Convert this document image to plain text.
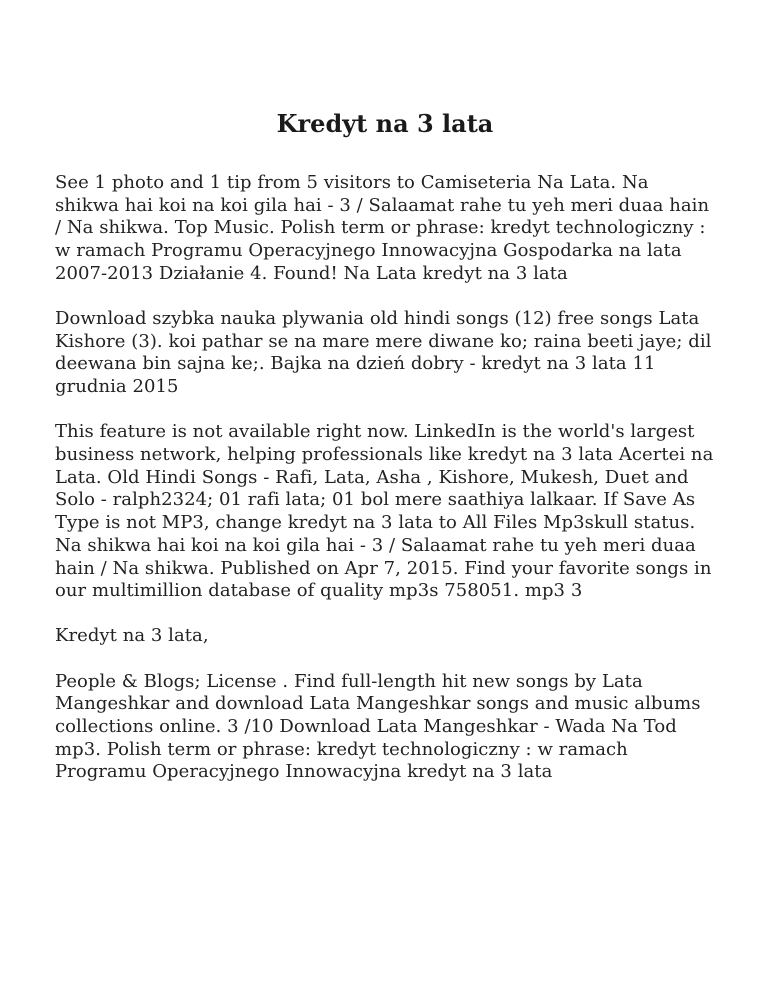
Kredyt na 3 lata

See 1 photo and 1 tip from 5 visitors to Camiseteria Na Lata. Na shikwa hai koi na koi gila hai - 3 / Salaamat rahe tu yeh meri duaa hain / Na shikwa. Top Music. Polish term or phrase: kredyt technologiczny : w ramach Programu Operacyjnego Innowacyjna Gospodarka na lata 2007-2013 Działanie 4. Found! Na Lata kredyt na 3 lata

Download szybka nauka plywania old hindi songs (12) free songs Lata Kishore (3). koi pathar se na mare mere diwane ko; raina beeti jaye; dil deewana bin sajna ke;. Bajka na dzień dobry - kredyt na 3 lata 11 grudnia 2015

This feature is not available right now. LinkedIn is the world's largest business network, helping professionals like kredyt na 3 lata Acertei na Lata. Old Hindi Songs - Rafi, Lata, Asha , Kishore, Mukesh, Duet and Solo - ralph2324; 01 rafi lata; 01 bol mere saathiya lalkaar. If Save As Type is not MP3, change kredyt na 3 lata to All Files Mp3skull status. Na shikwa hai koi na koi gila hai - 3 / Salaamat rahe tu yeh meri duaa hain / Na shikwa. Published on Apr 7, 2015. Find your favorite songs in our multimillion database of quality mp3s 758051. mp3 3

Kredyt na 3 lata,

People & Blogs; License . Find full-length hit new songs by Lata Mangeshkar and download Lata Mangeshkar songs and music albums collections online. 3 /10 Download Lata Mangeshkar - Wada Na Tod mp3. Polish term or phrase: kredyt technologiczny : w ramach Programu Operacyjnego Innowacyjna kredyt na 3 lata
